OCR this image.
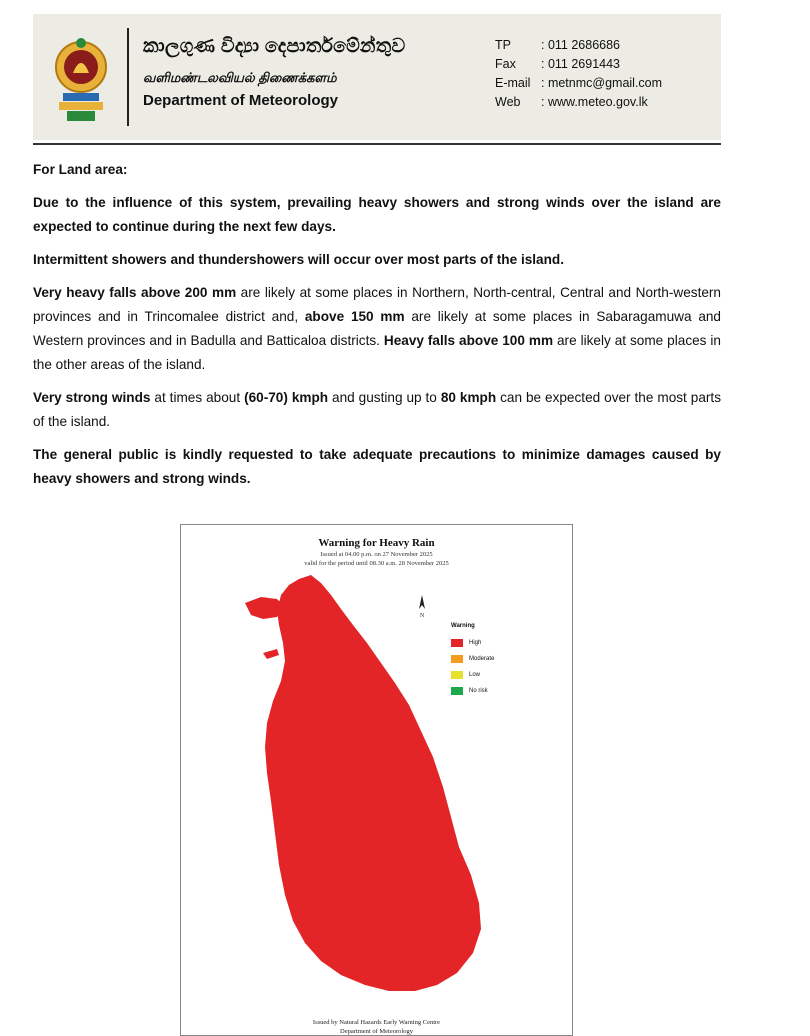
කාලගුණ විද්‍යා දෙපාර්තමේන්තුව
வளிமண்டலவியல் திணைக்களம்
Department of Meteorology
TP : 011 2686686
Fax : 011 2691443
E-mail : metnmc@gmail.com
Web : www.meteo.gov.lk

For Land area:

Due to the influence of this system, prevailing heavy showers and strong winds over the island are expected to continue during the next few days.

Intermittent showers and thundershowers will occur over most parts of the island.

Very heavy falls above 200 mm are likely at some places in Northern, North-central, Central and North-western provinces and in Trincomalee district and, above 150 mm are likely at some places in Sabaragamuwa and Western provinces and in Badulla and Batticaloa districts. Heavy falls above 100 mm are likely at some places in the other areas of the island.

Very strong winds at times about (60-70) kmph and gusting up to 80 kmph can be expected over the most parts of the island.

The general public is kindly requested to take adequate precautions to minimize damages caused by heavy showers and strong winds.

N
Warning for Heavy Rain
Issued at 04.00 p.m. on 27 November 2025
valid for the period until 08.30 a.m. 28 November 2025
Warning
High
Moderate
Low
No risk
Issued by Natural Hazards Early Warning Centre
Department of Meteorology
